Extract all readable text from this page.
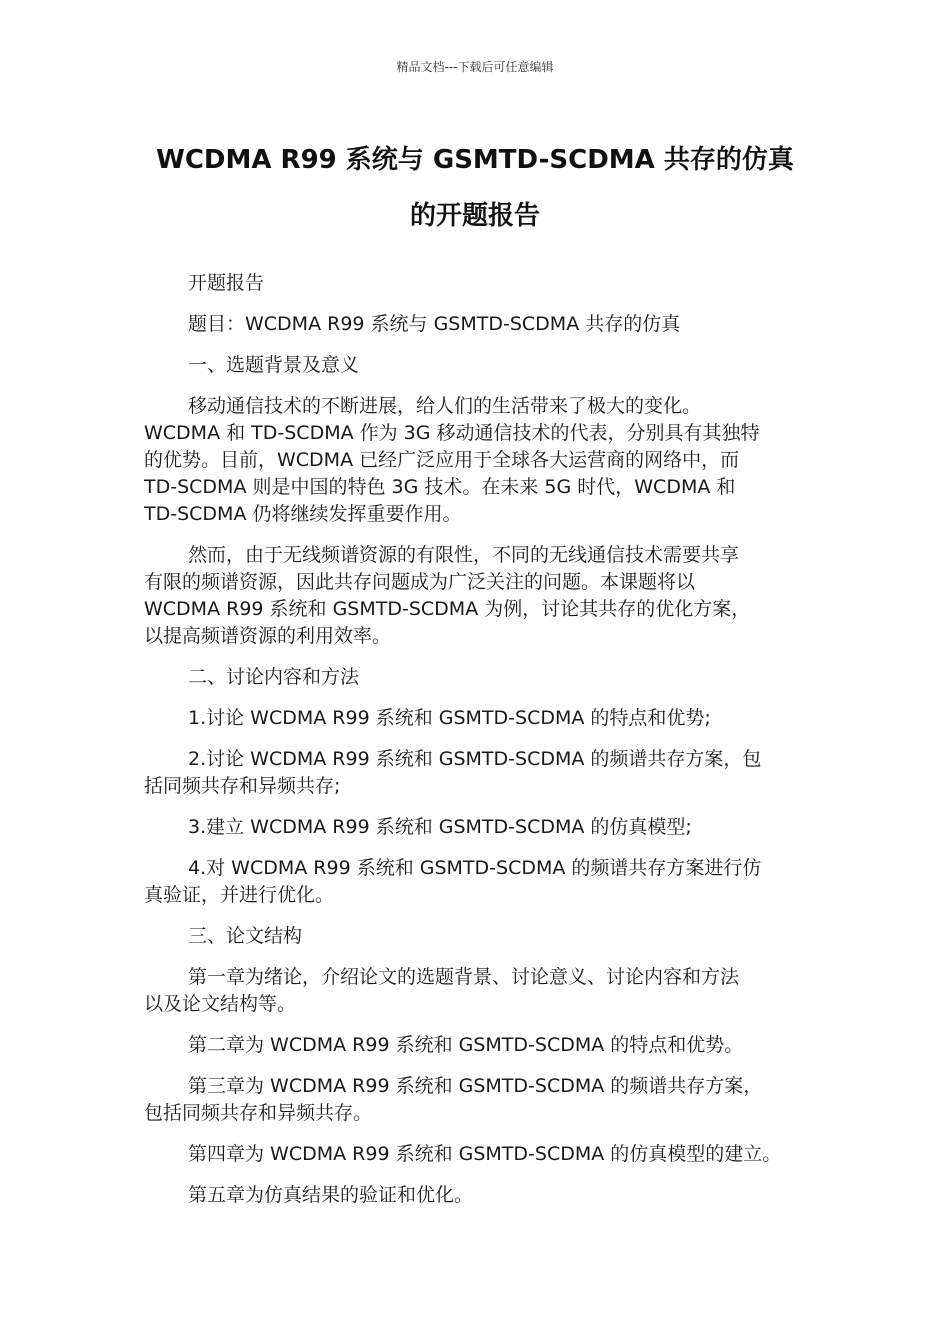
精品文档---下载后可任意编辑
WCDMA R99 系统与 GSMTD-SCDMA 共存的仿真
的开题报告

开题报告

题目：WCDMA R99 系统与 GSMTD-SCDMA 共存的仿真

一、选题背景及意义

移动通信技术的不断进展，给人们的生活带来了极大的变化。
WCDMA 和 TD-SCDMA 作为 3G 移动通信技术的代表，分别具有其独特
的优势。目前，WCDMA 已经广泛应用于全球各大运营商的网络中，而
TD-SCDMA 则是中国的特色 3G 技术。在未来 5G 时代，WCDMA 和
TD-SCDMA 仍将继续发挥重要作用。

然而，由于无线频谱资源的有限性，不同的无线通信技术需要共享
有限的频谱资源，因此共存问题成为广泛关注的问题。本课题将以
WCDMA R99 系统和 GSMTD-SCDMA 为例，讨论其共存的优化方案，
以提高频谱资源的利用效率。

二、讨论内容和方法

1.讨论 WCDMA R99 系统和 GSMTD-SCDMA 的特点和优势;

2.讨论 WCDMA R99 系统和 GSMTD-SCDMA 的频谱共存方案，包
括同频共存和异频共存;

3.建立 WCDMA R99 系统和 GSMTD-SCDMA 的仿真模型;

4.对 WCDMA R99 系统和 GSMTD-SCDMA 的频谱共存方案进行仿
真验证，并进行优化。

三、论文结构

第一章为绪论，介绍论文的选题背景、讨论意义、讨论内容和方法
以及论文结构等。

第二章为 WCDMA R99 系统和 GSMTD-SCDMA 的特点和优势。

第三章为 WCDMA R99 系统和 GSMTD-SCDMA 的频谱共存方案，
包括同频共存和异频共存。

第四章为 WCDMA R99 系统和 GSMTD-SCDMA 的仿真模型的建立。

第五章为仿真结果的验证和优化。
